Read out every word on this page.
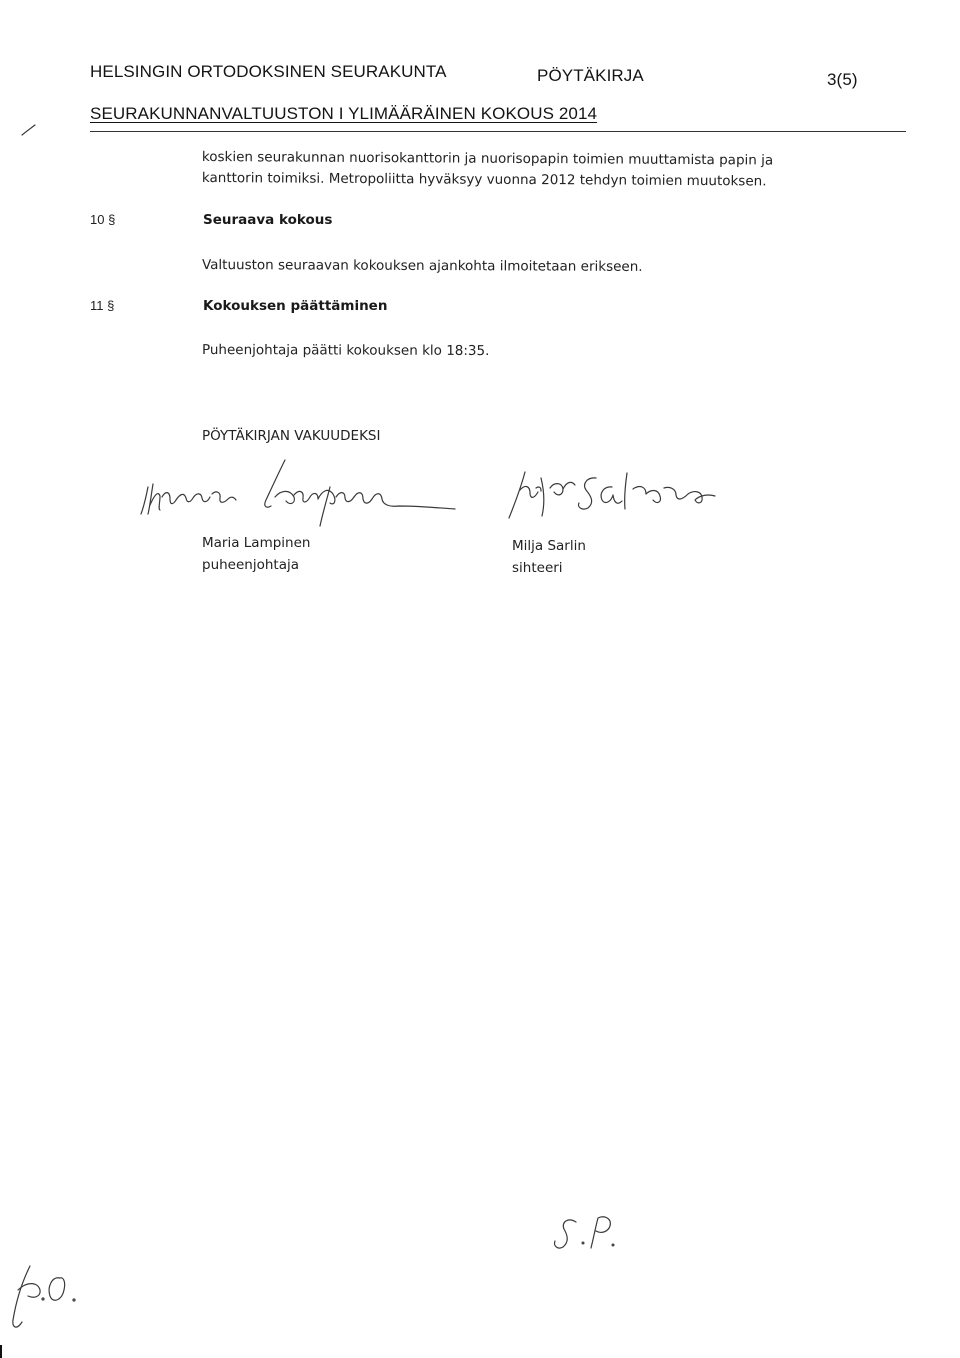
HELSINGIN ORTODOKSINEN SEURAKUNTA	PÖYTÄKIRJA	3(5)
SEURAKUNNANVALTUUSTON I YLIMÄÄRÄINEN KOKOUS 2014
koskien seurakunnan nuorisokanttorin ja nuorisopapin toimien muuttamista papin ja
kanttorin toimiksi. Metropoliitta hyväksyy vuonna 2012 tehdyn toimien muutoksen.
10 §	Seuraava kokous
Valtuuston seuraavan kokouksen ajankohta ilmoitetaan erikseen.
11 §	Kokouksen päättäminen
Puheenjohtaja päätti kokouksen klo 18:35.
PÖYTÄKIRJAN VAKUUDEKSI
Maria Lampinen
puheenjohtaja
Milja Sarlin
sihteeri
